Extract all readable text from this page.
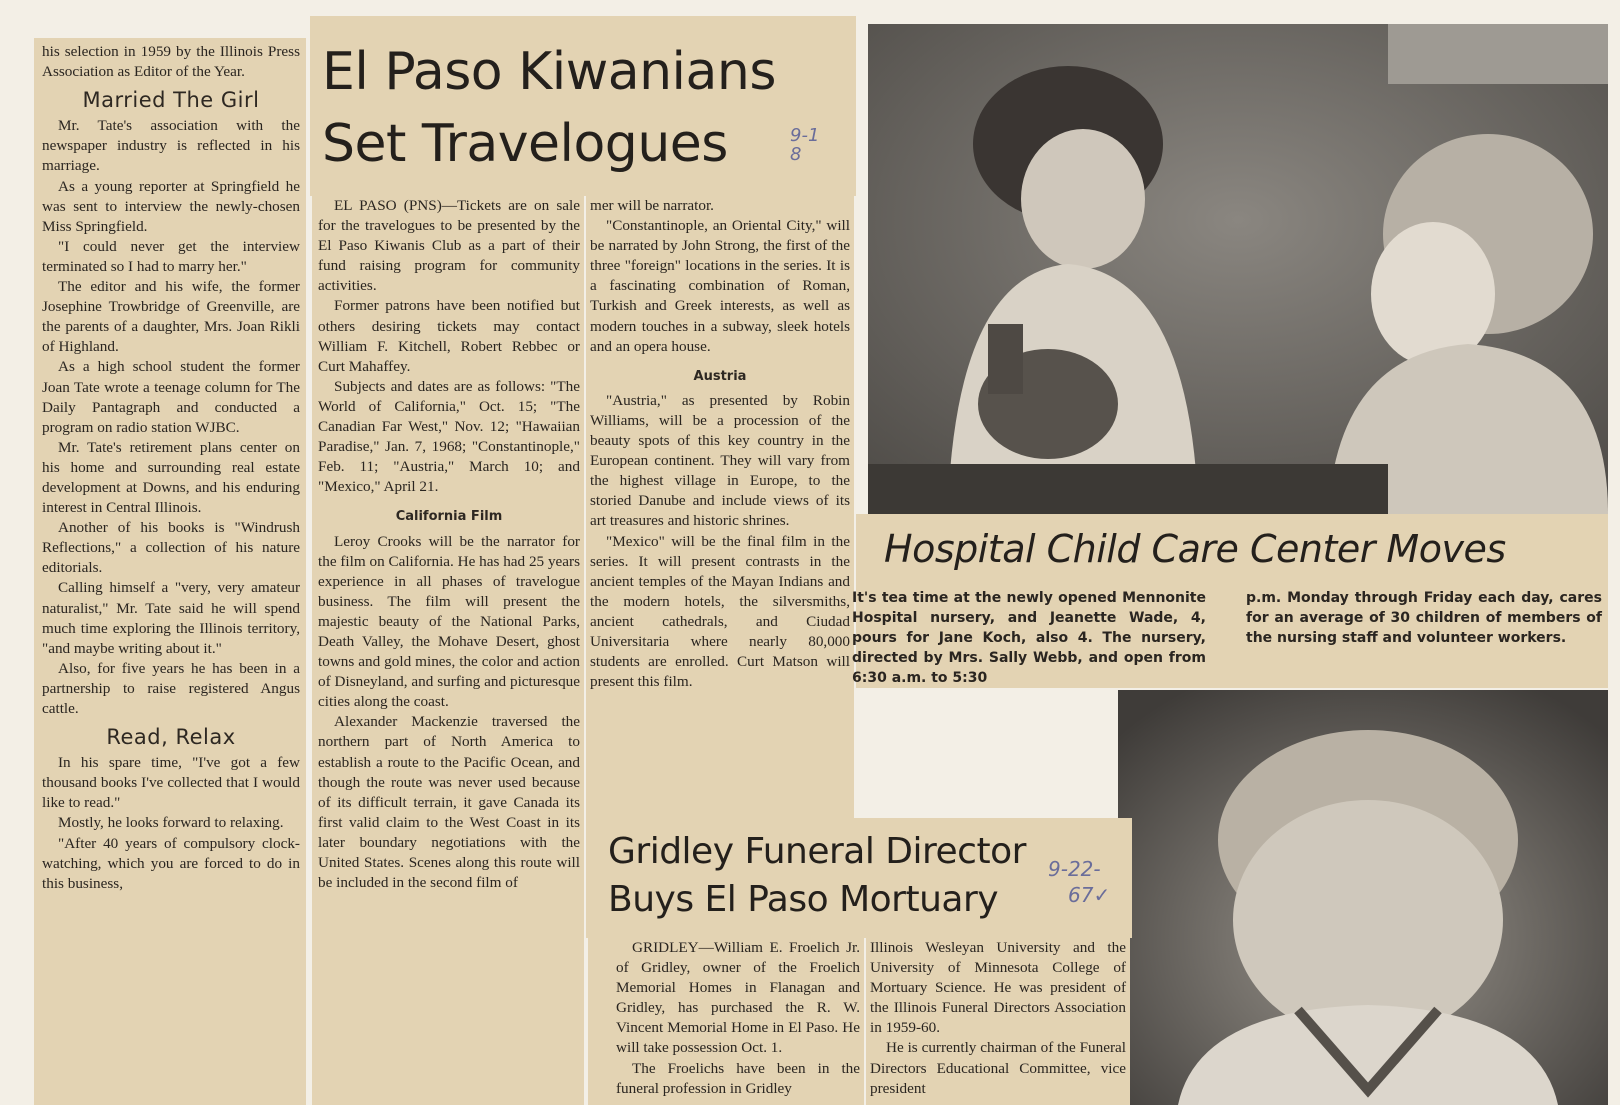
his selection in 1959 by the Illinois Press Association as Editor of the Year.

Married The Girl

Mr. Tate's association with the newspaper industry is reflected in his marriage.

As a young reporter at Springfield he was sent to interview the newly-chosen Miss Springfield.

"I could never get the interview terminated so I had to marry her."

The editor and his wife, the former Josephine Trowbridge of Greenville, are the parents of a daughter, Mrs. Joan Rikli of Highland.

As a high school student the former Joan Tate wrote a teenage column for The Daily Pantagraph and conducted a program on radio station WJBC.

Mr. Tate's retirement plans center on his home and surrounding real estate development at Downs, and his enduring interest in Central Illinois.

Another of his books is "Windrush Reflections," a collection of his nature editorials.

Calling himself a "very, very amateur naturalist," Mr. Tate said he will spend much time exploring the Illinois territory, "and maybe writing about it."

Also, for five years he has been in a partnership to raise registered Angus cattle.

Read, Relax

In his spare time, "I've got a few thousand books I've collected that I would like to read."

Mostly, he looks forward to relaxing.

"After 40 years of compulsory clock-watching, which you are forced to do in this business,

El Paso Kiwanians
Set Travelogues	9-18

EL PASO (PNS)—Tickets are on sale for the travelogues to be presented by the El Paso Kiwanis Club as a part of their fund raising program for community activities.

Former patrons have been notified but others desiring tickets may contact William F. Kitchell, Robert Rebbec or Curt Mahaffey.

Subjects and dates are as follows: "The World of California," Oct. 15; "The Canadian Far West," Nov. 12; "Hawaiian Paradise," Jan. 7, 1968; "Constantinople," Feb. 11; "Austria," March 10; and "Mexico," April 21.

California Film

Leroy Crooks will be the narrator for the film on California. He has had 25 years experience in all phases of travelogue business. The film will present the majestic beauty of the National Parks, Death Valley, the Mohave Desert, ghost towns and gold mines, the color and action of Disneyland, and surfing and picturesque cities along the coast.

Alexander Mackenzie traversed the northern part of North America to establish a route to the Pacific Ocean, and though the route was never used because of its difficult terrain, it gave Canada its first valid claim to the West Coast in its later boundary negotiations with the United States. Scenes along this route will be included in the second film of

mer will be narrator.

"Constantinople, an Oriental City," will be narrated by John Strong, the first of the three "foreign" locations in the series. It is a fascinating combination of Roman, Turkish and Greek interests, as well as modern touches in a subway, sleek hotels and an opera house.

Austria

"Austria," as presented by Robin Williams, will be a procession of the beauty spots of this key country in the European continent. They will vary from the highest village in Europe, to the storied Danube and include views of its art treasures and historic shrines.

"Mexico" will be the final film in the series. It will present contrasts in the ancient temples of the Mayan Indians and the modern hotels, the silversmiths, ancient cathedrals, and Ciudad Universitaria where nearly 80,000 students are enrolled. Curt Matson will present this film.

Hospital Child Care Center Moves
It's tea time at the newly opened Mennonite Hospital nursery, and Jeanette Wade, 4, pours for Jane Koch, also 4. The nursery, directed by Mrs. Sally Webb, and open from 6:30 a.m. to 5:30
p.m. Monday through Friday each day, cares for an average of 30 children of members of the nursing staff and volunteer workers.
Gridley Funeral Director
Buys El Paso Mortuary
9-22-
67✓

GRIDLEY—William E. Froelich Jr. of Gridley, owner of the Froelich Memorial Homes in Flanagan and Gridley, has purchased the R. W. Vincent Memorial Home in El Paso. He will take possession Oct. 1.

The Froelichs have been in the funeral profession in Gridley

Illinois Wesleyan University and the University of Minnesota College of Mortuary Science. He was president of the Illinois Funeral Directors Association in 1959-60.

He is currently chairman of the Funeral Directors Educational Committee, vice president
